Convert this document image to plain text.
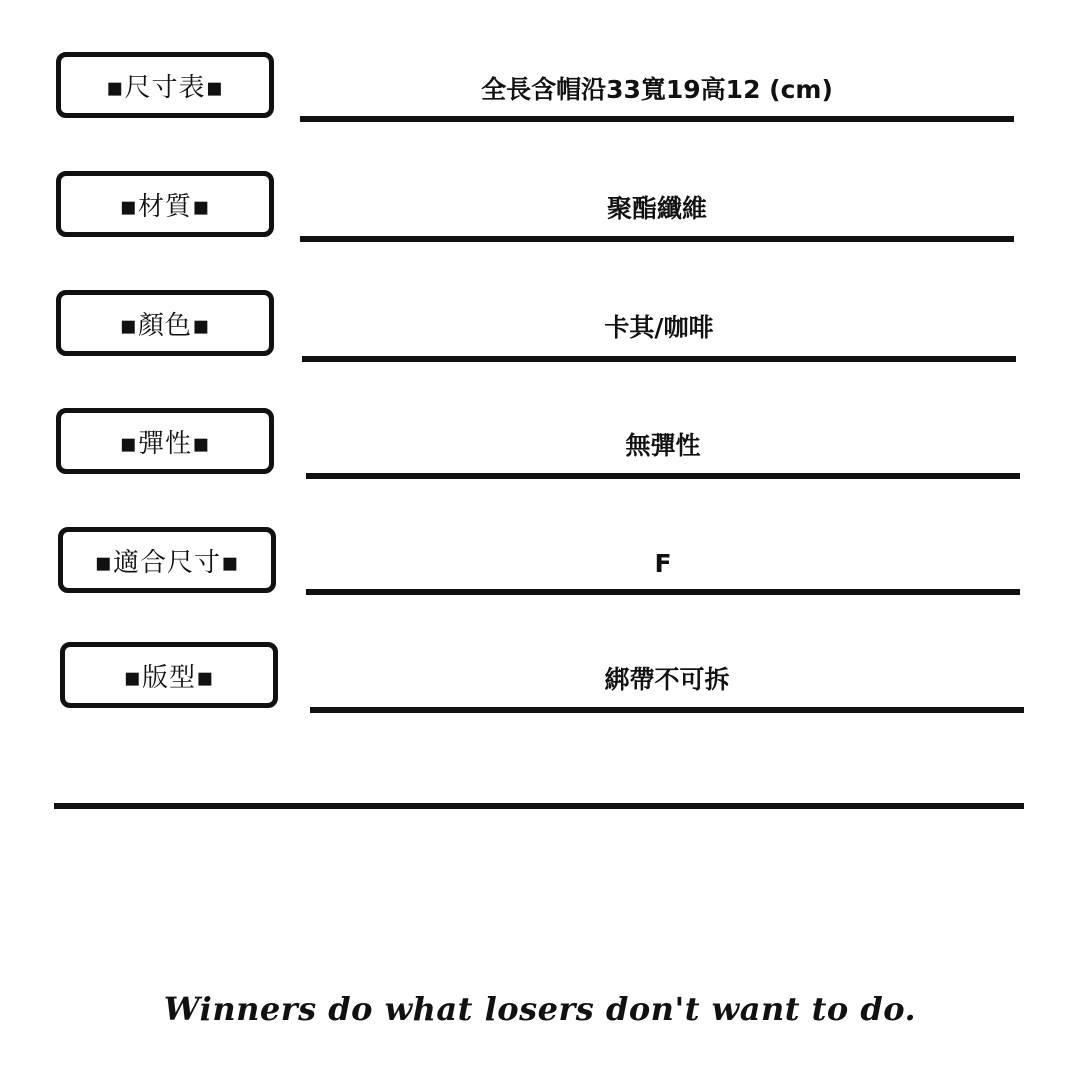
▪尺寸表▪	全長含帽沿33寬19高12 (cm)
▪材質▪	聚酯纖維
▪顏色▪	卡其/咖啡
▪彈性▪	無彈性
▪適合尺寸▪	F
▪版型▪	綁帶不可拆
Winners do what losers don't want to do.
